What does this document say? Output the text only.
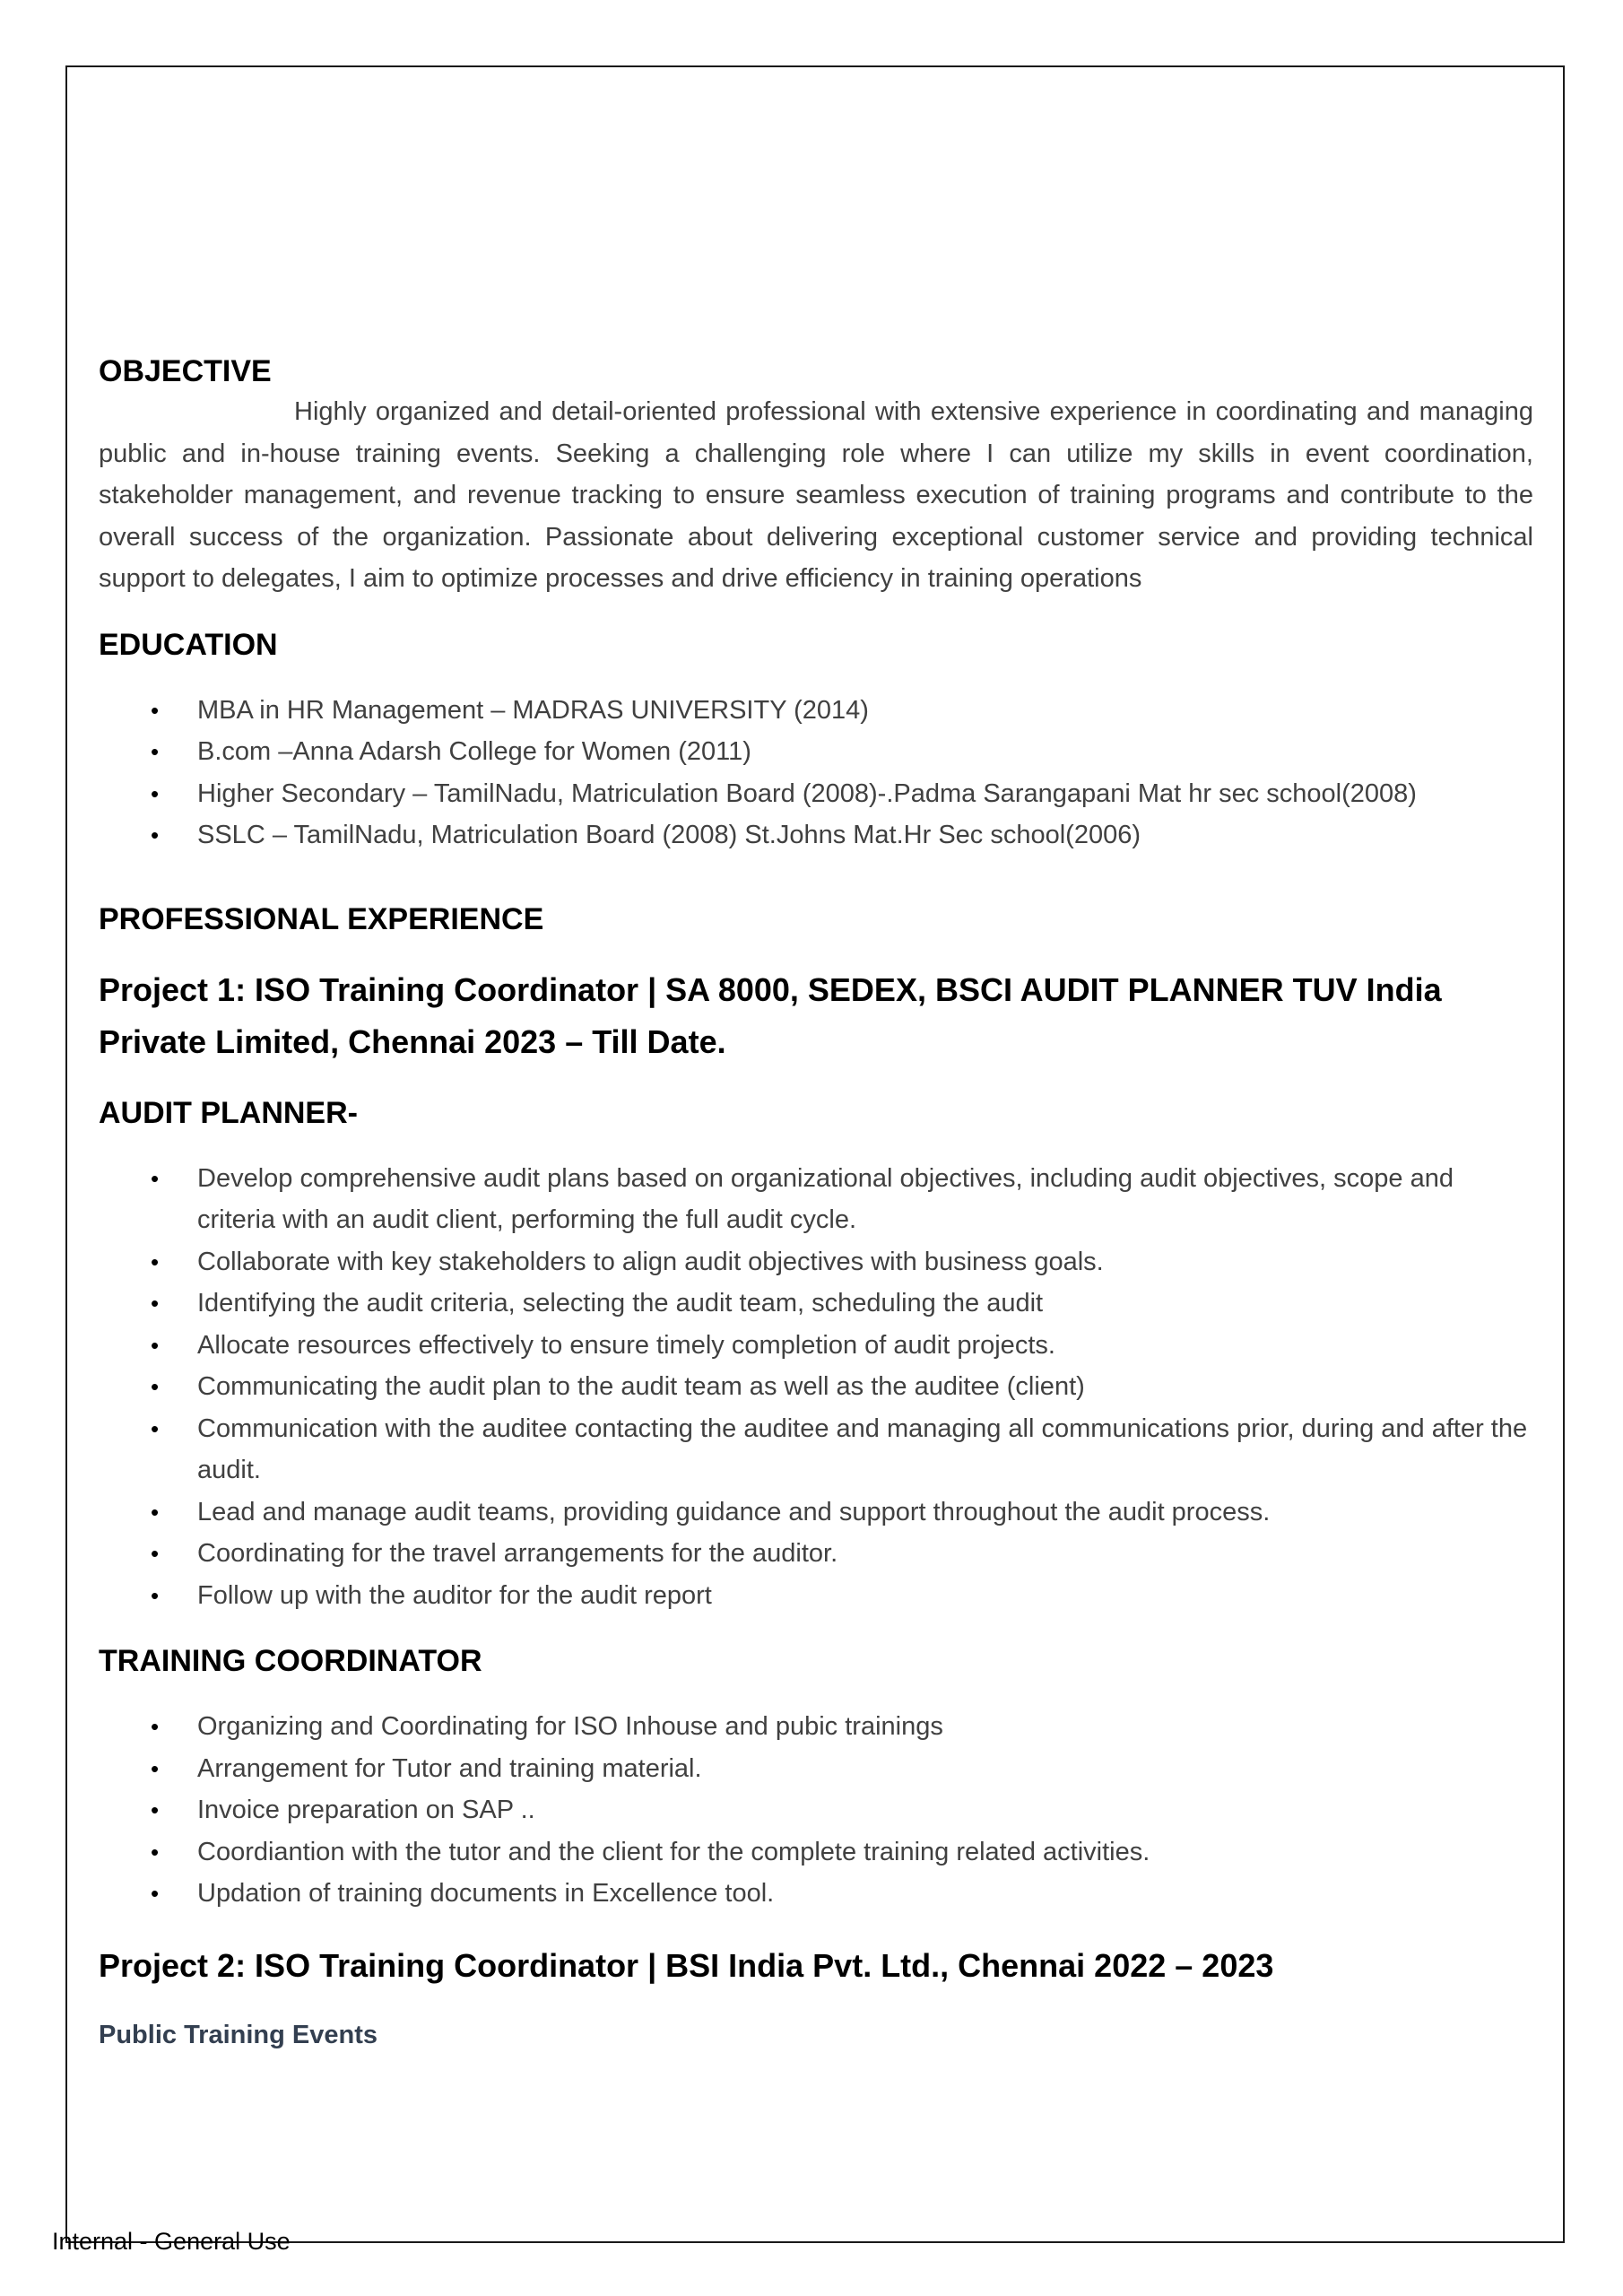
OBJECTIVE

Highly organized and detail-oriented professional with extensive experience in coordinating and managing public and in-house training events. Seeking a challenging role where I can utilize my skills in event coordination, stakeholder management, and revenue tracking to ensure seamless execution of training programs and contribute to the overall success of the organization. Passionate about delivering exceptional customer service and providing technical support to delegates, I aim to optimize processes and drive efficiency in training operations

EDUCATION
• MBA in HR Management – MADRAS UNIVERSITY (2014)
• B.com –Anna Adarsh College for Women (2011)
• Higher Secondary – TamilNadu, Matriculation Board (2008)-.Padma Sarangapani Mat hr sec school(2008)
• SSLC – TamilNadu, Matriculation Board (2008) St.Johns Mat.Hr Sec school(2006)
PROFESSIONAL EXPERIENCE
Project 1: ISO Training Coordinator | SA 8000, SEDEX, BSCI AUDIT PLANNER TUV India Private Limited, Chennai 2023 – Till Date.
AUDIT PLANNER-
• Develop comprehensive audit plans based on organizational objectives, including audit objectives, scope and criteria with an audit client, performing the full audit cycle.
• Collaborate with key stakeholders to align audit objectives with business goals.
• Identifying the audit criteria, selecting the audit team, scheduling the audit
• Allocate resources effectively to ensure timely completion of audit projects.
• Communicating the audit plan to the audit team as well as the auditee (client)
• Communication with the auditee contacting the auditee and managing all communications prior, during and after the audit.
• Lead and manage audit teams, providing guidance and support throughout the audit process.
• Coordinating for the travel arrangements for the auditor.
• Follow up with the auditor for the audit report
TRAINING COORDINATOR
• Organizing and Coordinating for ISO Inhouse and pubic trainings
• Arrangement for Tutor and training material.
• Invoice preparation on SAP ..
• Coordiantion with the tutor and the client for the complete training related activities.
• Updation of training documents in Excellence tool.
Project 2: ISO Training Coordinator | BSI India Pvt. Ltd., Chennai 2022 – 2023
Public Training Events
Internal - General Use
